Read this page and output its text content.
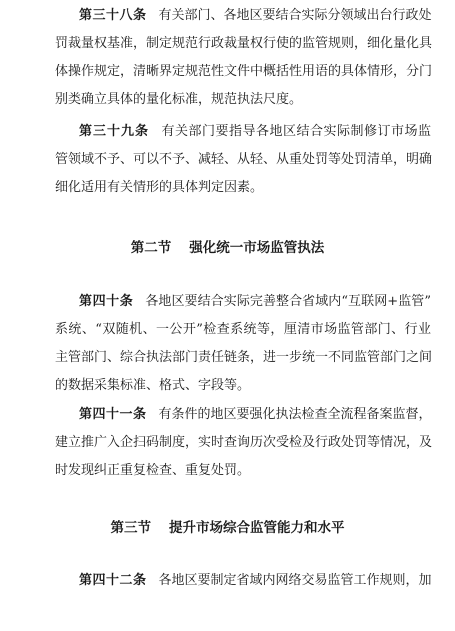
第三十八条 有关部门、各地区要结合实际分领域出台行政处
罚裁量权基准，制定规范行政裁量权行使的监管规则，细化量化具
体操作规定，清晰界定规范性文件中概括性用语的具体情形，分门
别类确立具体的量化标准，规范执法尺度。
第三十九条 有关部门要指导各地区结合实际制修订市场监
管领域不予、可以不予、减轻、从轻、从重处罚等处罚清单，明确
细化适用有关情形的具体判定因素。
第二节 强化统一市场监管执法
第四十条 各地区要结合实际完善整合省域内“互联网+监管”
系统、“双随机、一公开”检查系统等，厘清市场监管部门、行业
主管部门、综合执法部门责任链条，进一步统一不同监管部门之间
的数据采集标准、格式、字段等。
第四十一条 有条件的地区要强化执法检查全流程备案监督，
建立推广入企扫码制度，实时查询历次受检及行政处罚等情况，及
时发现纠正重复检查、重复处罚。
第三节 提升市场综合监管能力和水平
第四十二条 各地区要制定省域内网络交易监管工作规则，加
